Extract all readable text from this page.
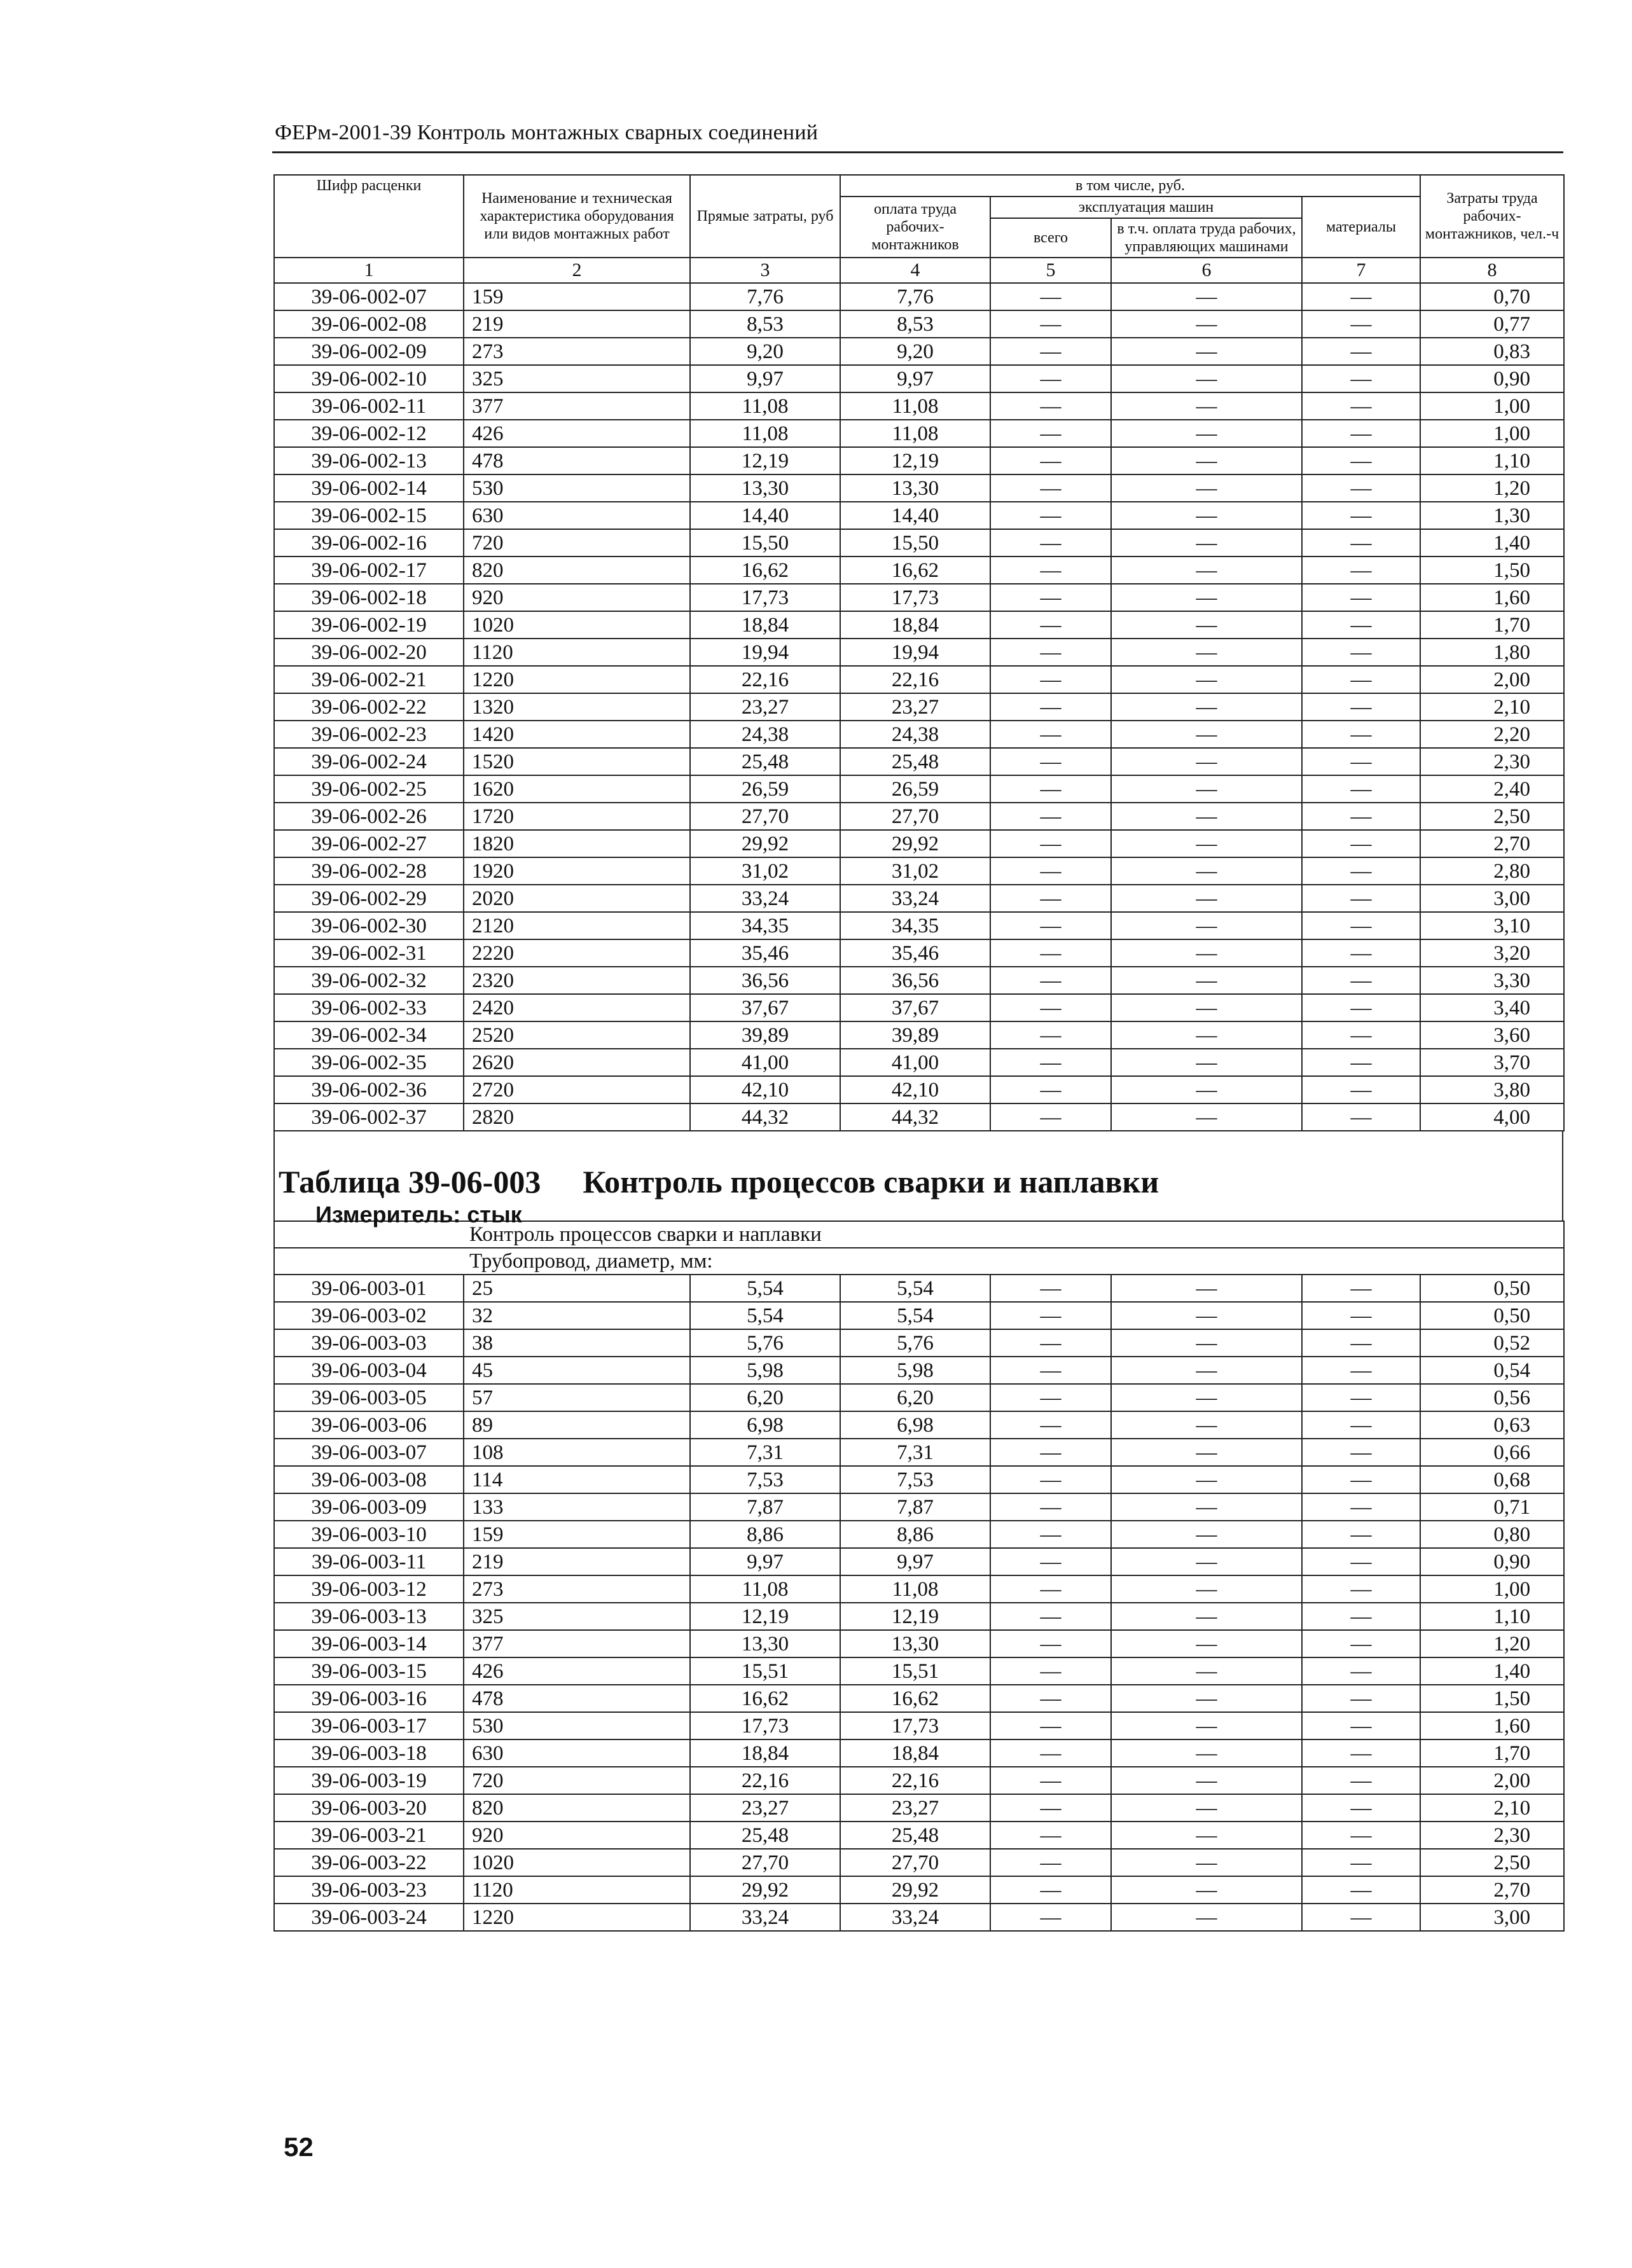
ФЕРм-2001-39 Контроль монтажных сварных соединений
Шифр расценки	Наименование и техническая характеристика оборудования или видов монтажных работ	Прямые затраты, руб	в том числе, руб.				Затраты труда рабочих-монтажников, чел.-ч
			оплата труда рабочих-монтажников	эксплуатация машин		материалы	
				всего	в т.ч. оплата труда рабочих, управляющих машинами		
1	2	3	4	5	6	7	8
39-06-002-07	159	7,76	7,76	—	—	—	0,70
39-06-002-08	219	8,53	8,53	—	—	—	0,77
39-06-002-09	273	9,20	9,20	—	—	—	0,83
39-06-002-10	325	9,97	9,97	—	—	—	0,90
39-06-002-11	377	11,08	11,08	—	—	—	1,00
39-06-002-12	426	11,08	11,08	—	—	—	1,00
39-06-002-13	478	12,19	12,19	—	—	—	1,10
39-06-002-14	530	13,30	13,30	—	—	—	1,20
39-06-002-15	630	14,40	14,40	—	—	—	1,30
39-06-002-16	720	15,50	15,50	—	—	—	1,40
39-06-002-17	820	16,62	16,62	—	—	—	1,50
39-06-002-18	920	17,73	17,73	—	—	—	1,60
39-06-002-19	1020	18,84	18,84	—	—	—	1,70
39-06-002-20	1120	19,94	19,94	—	—	—	1,80
39-06-002-21	1220	22,16	22,16	—	—	—	2,00
39-06-002-22	1320	23,27	23,27	—	—	—	2,10
39-06-002-23	1420	24,38	24,38	—	—	—	2,20
39-06-002-24	1520	25,48	25,48	—	—	—	2,30
39-06-002-25	1620	26,59	26,59	—	—	—	2,40
39-06-002-26	1720	27,70	27,70	—	—	—	2,50
39-06-002-27	1820	29,92	29,92	—	—	—	2,70
39-06-002-28	1920	31,02	31,02	—	—	—	2,80
39-06-002-29	2020	33,24	33,24	—	—	—	3,00
39-06-002-30	2120	34,35	34,35	—	—	—	3,10
39-06-002-31	2220	35,46	35,46	—	—	—	3,20
39-06-002-32	2320	36,56	36,56	—	—	—	3,30
39-06-002-33	2420	37,67	37,67	—	—	—	3,40
39-06-002-34	2520	39,89	39,89	—	—	—	3,60
39-06-002-35	2620	41,00	41,00	—	—	—	3,70
39-06-002-36	2720	42,10	42,10	—	—	—	3,80
39-06-002-37	2820	44,32	44,32	—	—	—	4,00
Таблица 39-06-003 Контроль процессов сварки и наплавки
Измеритель: стык
Контроль процессов сварки и наплавки							
Трубопровод, диаметр, мм:							
39-06-003-01	25	5,54	5,54	—	—	—	0,50
39-06-003-02	32	5,54	5,54	—	—	—	0,50
39-06-003-03	38	5,76	5,76	—	—	—	0,52
39-06-003-04	45	5,98	5,98	—	—	—	0,54
39-06-003-05	57	6,20	6,20	—	—	—	0,56
39-06-003-06	89	6,98	6,98	—	—	—	0,63
39-06-003-07	108	7,31	7,31	—	—	—	0,66
39-06-003-08	114	7,53	7,53	—	—	—	0,68
39-06-003-09	133	7,87	7,87	—	—	—	0,71
39-06-003-10	159	8,86	8,86	—	—	—	0,80
39-06-003-11	219	9,97	9,97	—	—	—	0,90
39-06-003-12	273	11,08	11,08	—	—	—	1,00
39-06-003-13	325	12,19	12,19	—	—	—	1,10
39-06-003-14	377	13,30	13,30	—	—	—	1,20
39-06-003-15	426	15,51	15,51	—	—	—	1,40
39-06-003-16	478	16,62	16,62	—	—	—	1,50
39-06-003-17	530	17,73	17,73	—	—	—	1,60
39-06-003-18	630	18,84	18,84	—	—	—	1,70
39-06-003-19	720	22,16	22,16	—	—	—	2,00
39-06-003-20	820	23,27	23,27	—	—	—	2,10
39-06-003-21	920	25,48	25,48	—	—	—	2,30
39-06-003-22	1020	27,70	27,70	—	—	—	2,50
39-06-003-23	1120	29,92	29,92	—	—	—	2,70
39-06-003-24	1220	33,24	33,24	—	—	—	3,00
52
